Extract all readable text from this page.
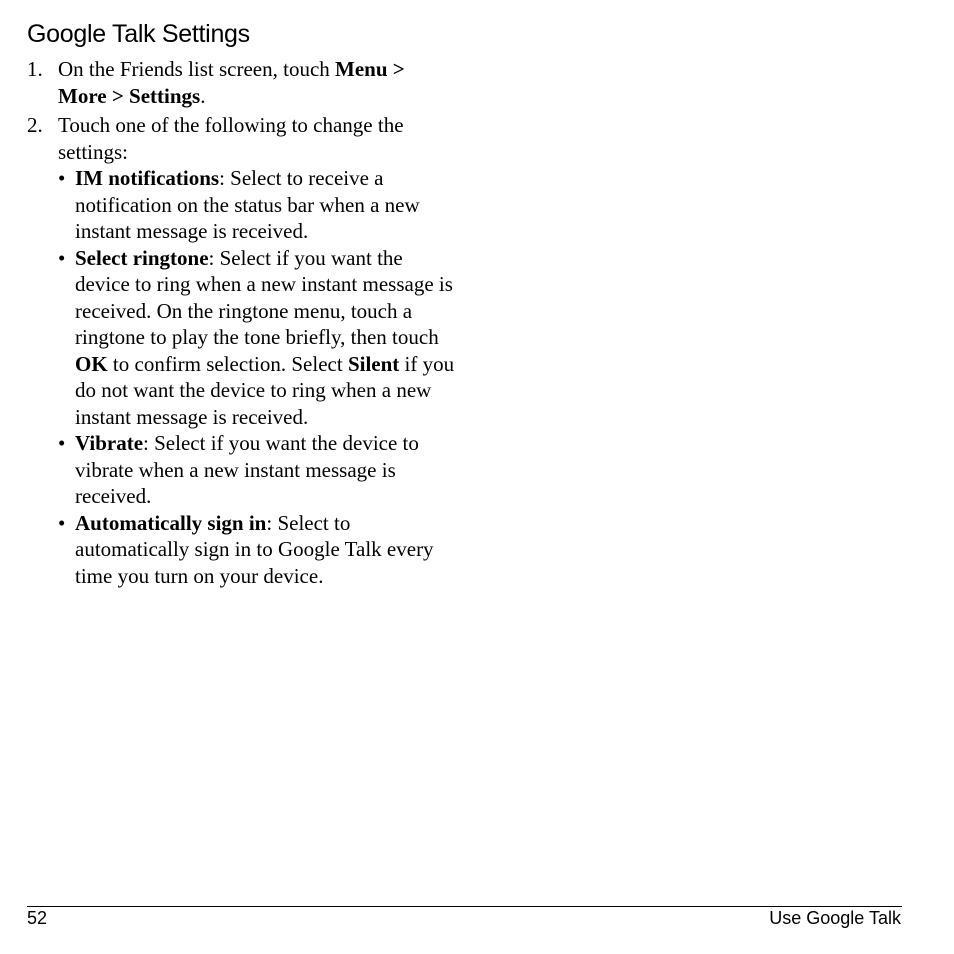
Google Talk Settings
1. On the Friends list screen, touch Menu > More > Settings.
2. Touch one of the following to change the settings:
• IM notifications: Select to receive a notification on the status bar when a new instant message is received.
• Select ringtone: Select if you want the device to ring when a new instant message is received. On the ringtone menu, touch a ringtone to play the tone briefly, then touch OK to confirm selection. Select Silent if you do not want the device to ring when a new instant message is received.
• Vibrate: Select if you want the device to vibrate when a new instant message is received.
• Automatically sign in: Select to automatically sign in to Google Talk every time you turn on your device.
52	Use Google Talk
